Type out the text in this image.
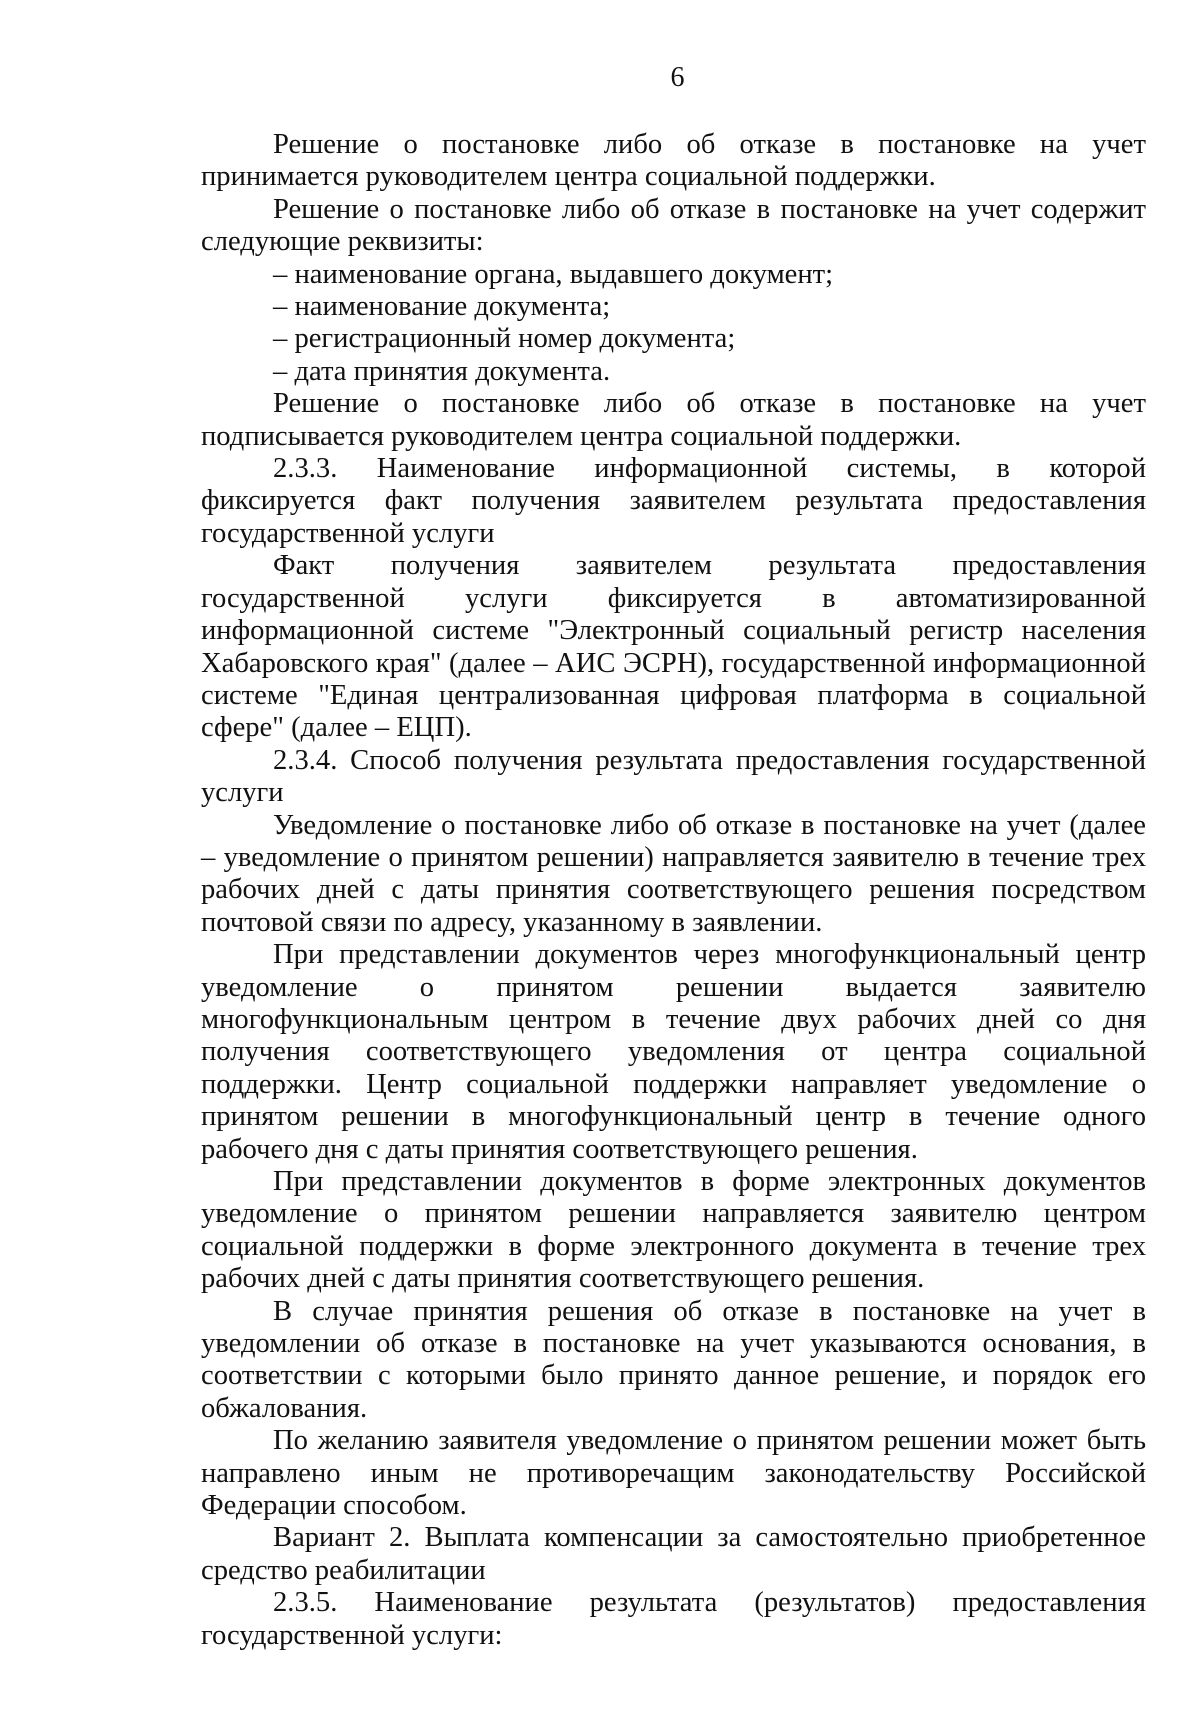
6

Решение о постановке либо об отказе в постановке на учет принимается руководителем центра социальной поддержки.

Решение о постановке либо об отказе в постановке на учет содержит следующие реквизиты:

– наименование органа, выдавшего документ;

– наименование документа;

– регистрационный номер документа;

– дата принятия документа.

Решение о постановке либо об отказе в постановке на учет подписывается руководителем центра социальной поддержки.

2.3.3. Наименование информационной системы, в которой фиксируется факт получения заявителем результата предоставления государственной услуги

Факт получения заявителем результата предоставления государственной услуги фиксируется в автоматизированной информационной системе "Электронный социальный регистр населения Хабаровского края" (далее – АИС ЭСРН), государственной информационной системе "Единая централизованная цифровая платформа в социальной сфере" (далее – ЕЦП).

2.3.4. Способ получения результата предоставления государственной услуги

Уведомление о постановке либо об отказе в постановке на учет (далее – уведомление о принятом решении) направляется заявителю в течение трех рабочих дней с даты принятия соответствующего решения посредством почтовой связи по адресу, указанному в заявлении.

При представлении документов через многофункциональный центр уведомление о принятом решении выдается заявителю многофункциональным центром в течение двух рабочих дней со дня получения соответствующего уведомления от центра социальной поддержки. Центр социальной поддержки направляет уведомление о принятом решении в многофункциональный центр в течение одного рабочего дня с даты принятия соответствующего решения.

При представлении документов в форме электронных документов уведомление о принятом решении направляется заявителю центром социальной поддержки в форме электронного документа в течение трех рабочих дней с даты принятия соответствующего решения.

В случае принятия решения об отказе в постановке на учет в уведомлении об отказе в постановке на учет указываются основания, в соответствии с которыми было принято данное решение, и порядок его обжалования.

По желанию заявителя уведомление о принятом решении может быть направлено иным не противоречащим законодательству Российской Федерации способом.

Вариант 2. Выплата компенсации за самостоятельно приобретенное средство реабилитации

2.3.5. Наименование результата (результатов) предоставления государственной услуги:
